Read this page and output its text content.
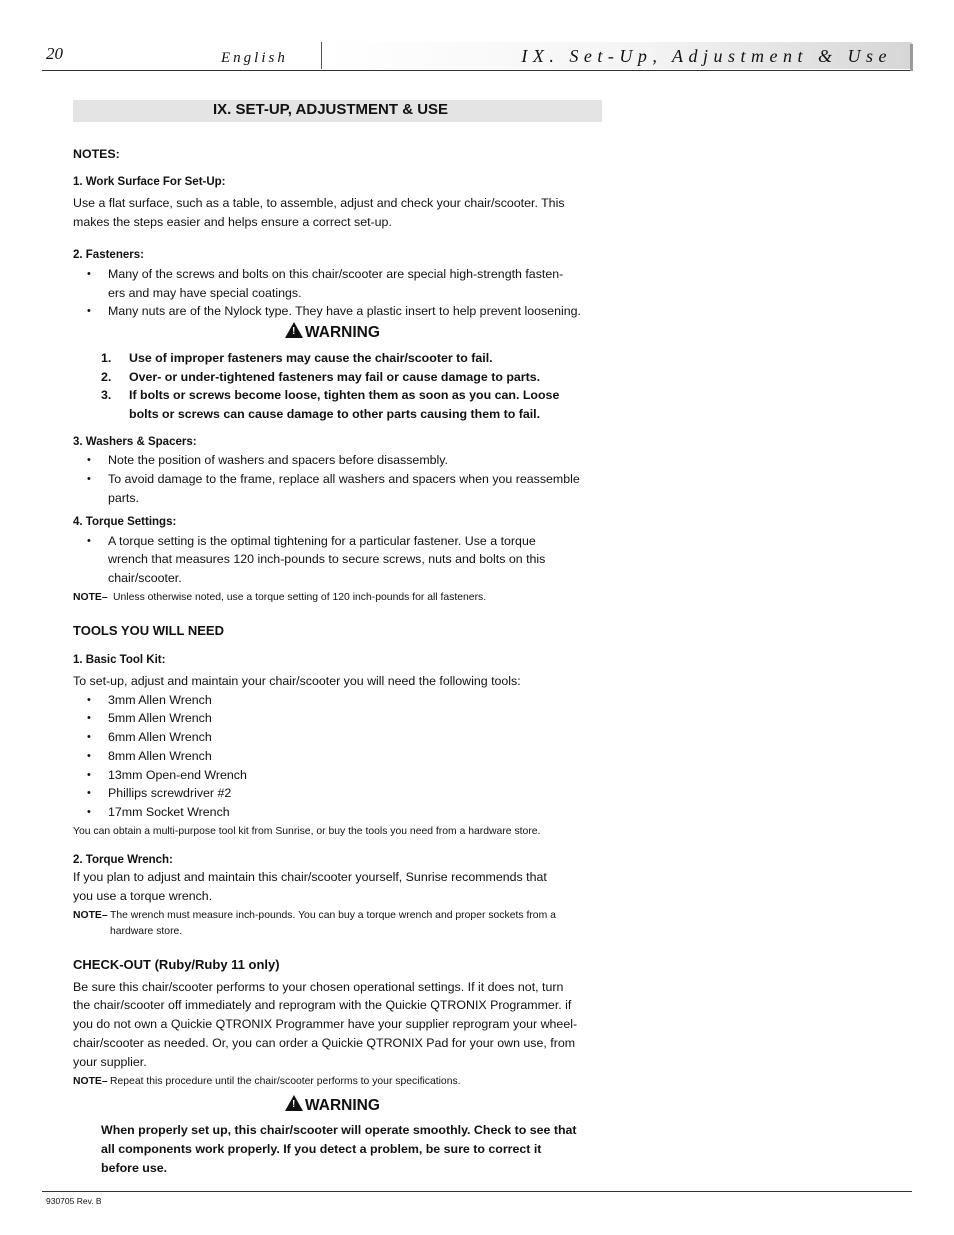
20	English	IX. Set-Up, Adjustment & Use
IX. SET-UP, ADJUSTMENT & USE
NOTES:
1. Work Surface For Set-Up:
Use a flat surface, such as a table, to assemble, adjust and check your chair/scooter. This
makes the steps easier and helps ensure a correct set-up.
2. Fasteners:
• Many of the screws and bolts on this chair/scooter are special high-strength fasten-
ers and may have special coatings.
• Many nuts are of the Nylock type. They have a plastic insert to help prevent loosening.
! WARNING
1. Use of improper fasteners may cause the chair/scooter to fail.
2. Over- or under-tightened fasteners may fail or cause damage to parts.
3. If bolts or screws become loose, tighten them as soon as you can. Loose
bolts or screws can cause damage to other parts causing them to fail.
3. Washers & Spacers:
• Note the position of washers and spacers before disassembly.
• To avoid damage to the frame, replace all washers and spacers when you reassemble
parts.
4. Torque Settings:
• A torque setting is the optimal tightening for a particular fastener. Use a torque
wrench that measures 120 inch-pounds to secure screws, nuts and bolts on this
chair/scooter.
NOTE– Unless otherwise noted, use a torque setting of 120 inch-pounds for all fasteners.
TOOLS YOU WILL NEED
1. Basic Tool Kit:
To set-up, adjust and maintain your chair/scooter you will need the following tools:
• 3mm Allen Wrench
• 5mm Allen Wrench
• 6mm Allen Wrench
• 8mm Allen Wrench
• 13mm Open-end Wrench
• Phillips screwdriver #2
• 17mm Socket Wrench
You can obtain a multi-purpose tool kit from Sunrise, or buy the tools you need from a hardware store.
2. Torque Wrench:
If you plan to adjust and maintain this chair/scooter yourself, Sunrise recommends that
you use a torque wrench.
NOTE– The wrench must measure inch-pounds. You can buy a torque wrench and proper sockets from a
hardware store.
CHECK-OUT (Ruby/Ruby 11 only)
Be sure this chair/scooter performs to your chosen operational settings. If it does not, turn
the chair/scooter off immediately and reprogram with the Quickie QTRONIX Programmer. if
you do not own a Quickie QTRONIX Programmer have your supplier reprogram your wheel-
chair/scooter as needed. Or, you can order a Quickie QTRONIX Pad for your own use, from
your supplier.
NOTE– Repeat this procedure until the chair/scooter performs to your specifications.
! WARNING
When properly set up, this chair/scooter will operate smoothly. Check to see that
all components work properly. If you detect a problem, be sure to correct it
before use.
930705 Rev. B
